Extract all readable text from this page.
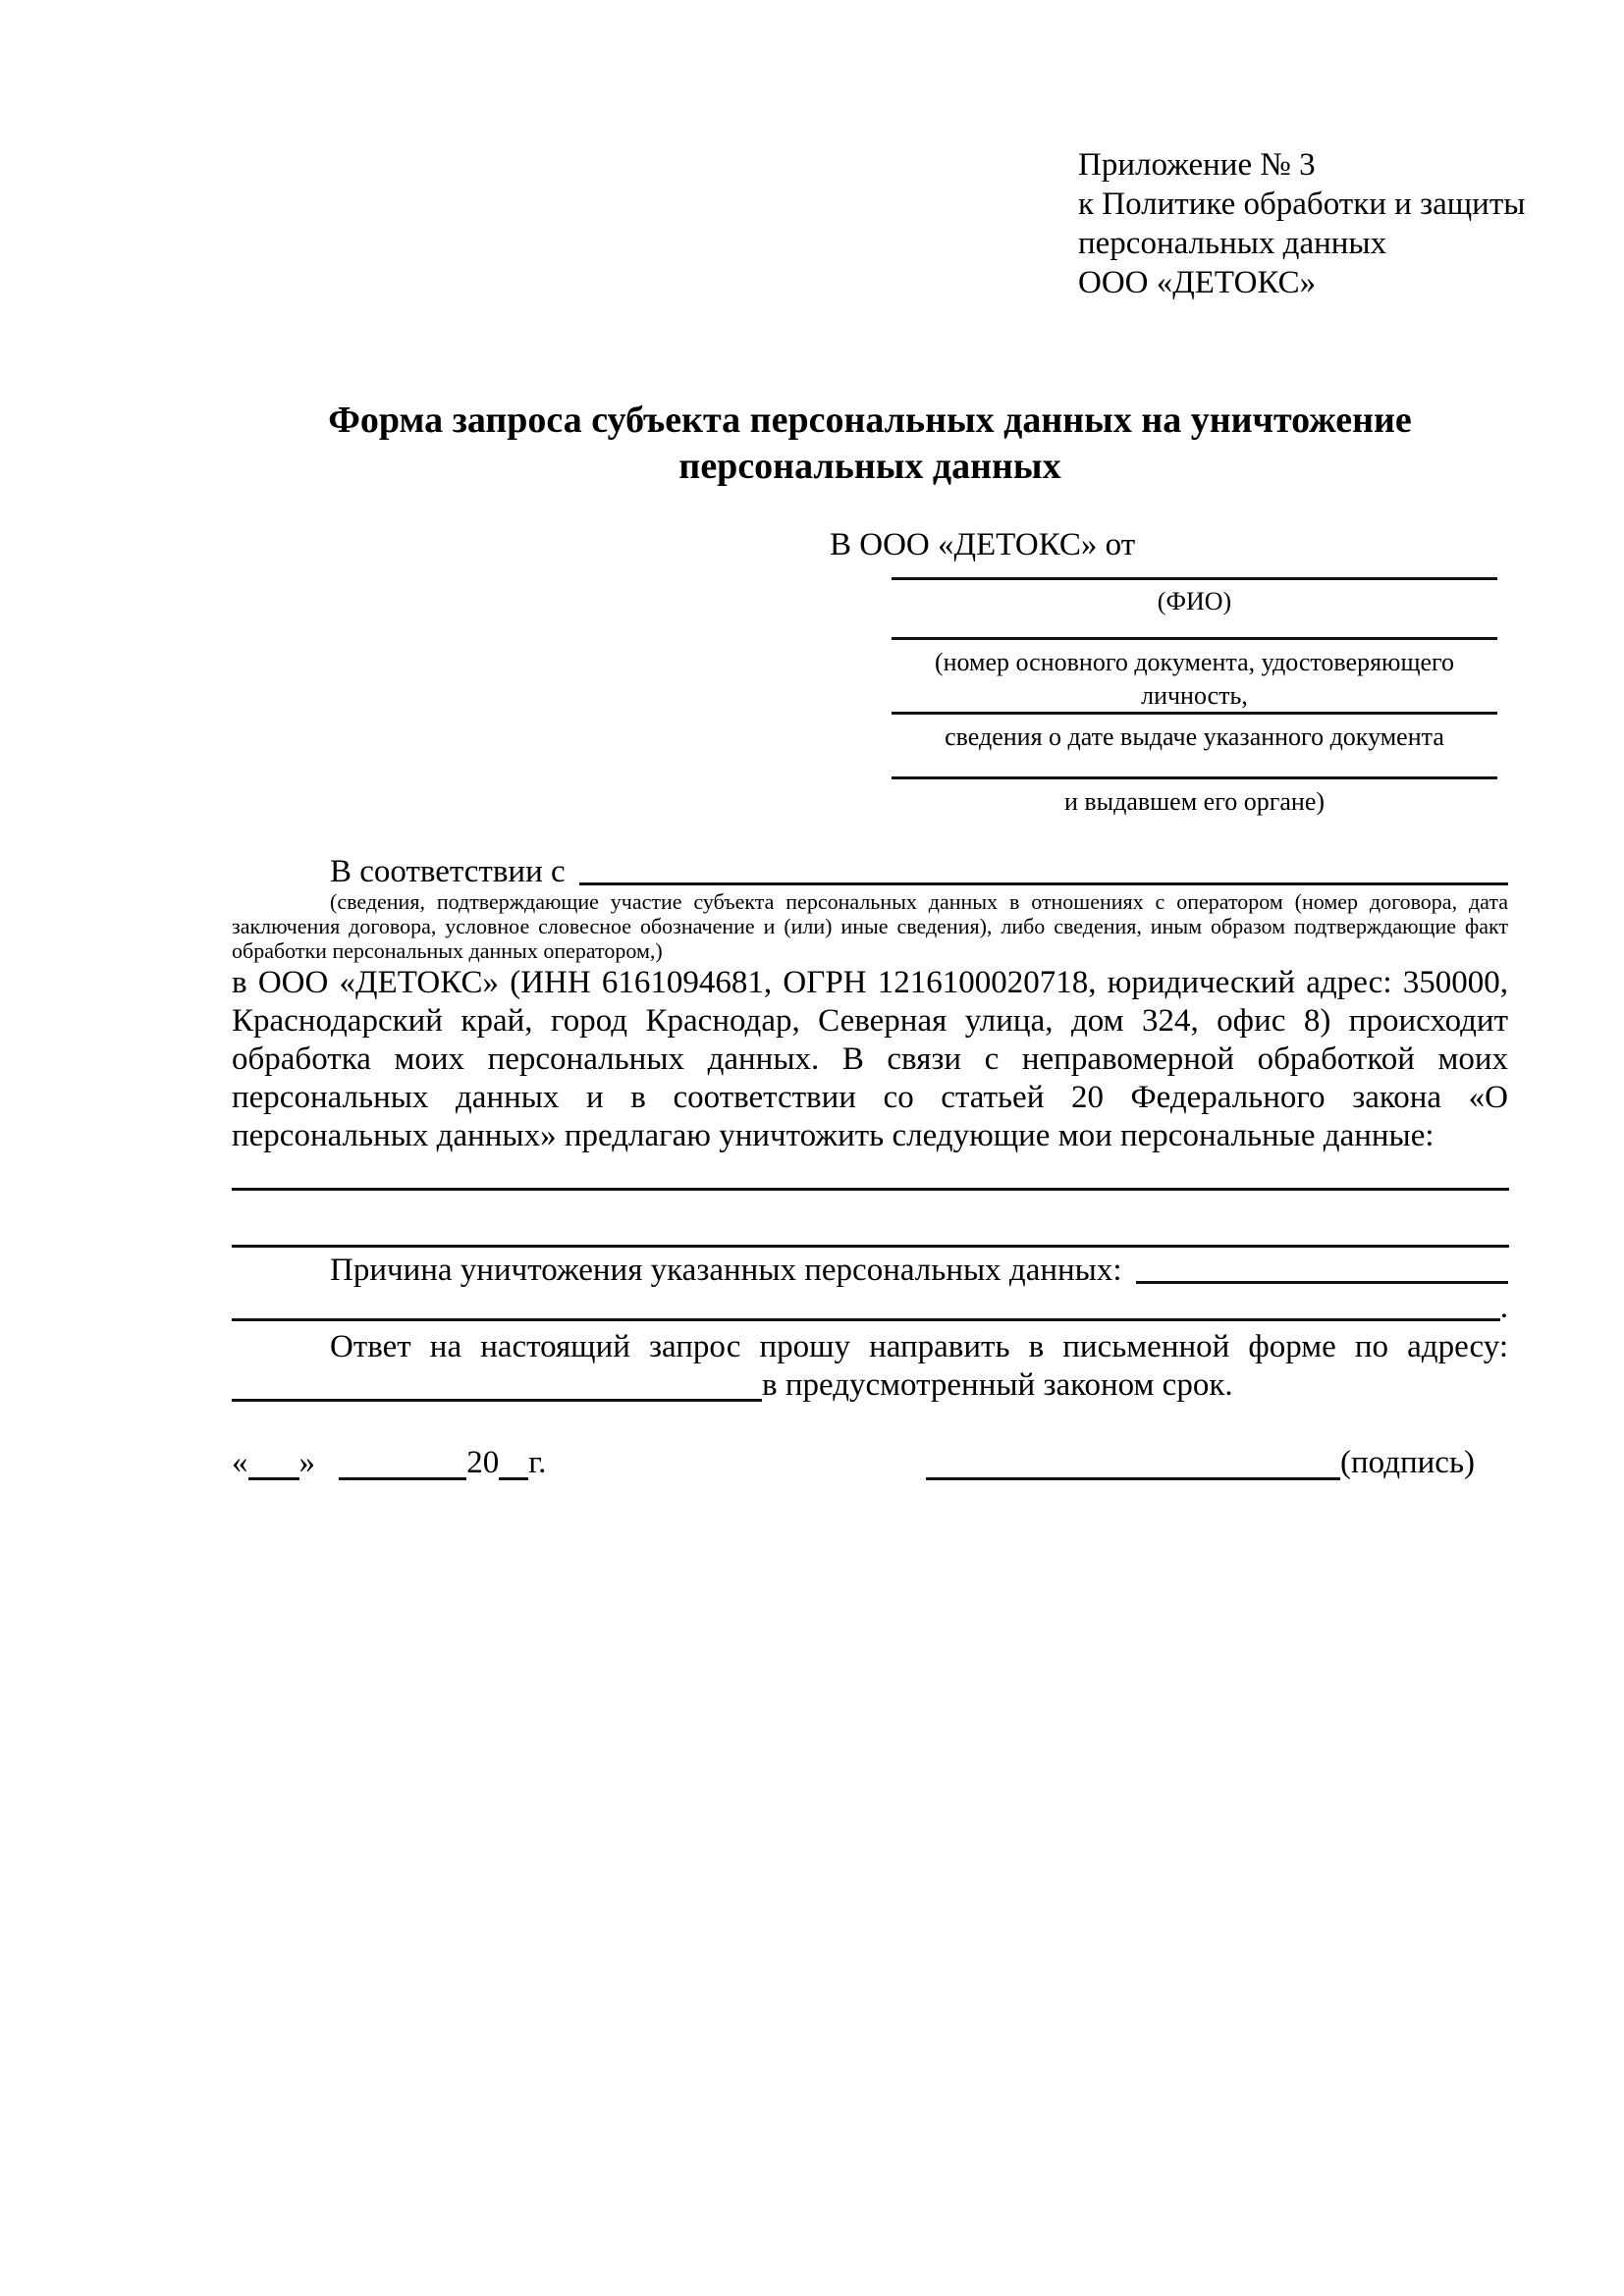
Приложение № 3
к Политике обработки и защиты
персональных данных
ООО «ДЕТОКС»
Форма запроса субъекта персональных данных на уничтожение персональных данных
В ООО «ДЕТОКС» от
(ФИО)
(номер основного документа, удостоверяющего личность,
сведения о дате выдаче указанного документа
и выдавшем его органе)
В соответствии с
(сведения, подтверждающие участие субъекта персональных данных в отношениях с оператором (номер договора, дата
заключения договора, условное словесное обозначение и (или) иные сведения), либо сведения, иным образом подтверждающие факт
обработки персональных данных оператором,)
в ООО «ДЕТОКС» (ИНН 6161094681, ОГРН 1216100020718, юридический адрес: 350000,
Краснодарский край, город Краснодар, Северная улица, дом 324, офис 8) происходит
обработка моих персональных данных. В связи с неправомерной обработкой моих
персональных данных и в соответствии со статьей 20 Федерального закона «О
персональных данных» предлагаю уничтожить следующие мои персональные данные:
Причина уничтожения указанных персональных данных:
.
Ответ на настоящий запрос прошу направить в письменной форме по адресу:
в предусмотренный законом срок.
« »	20 г.	(подпись)
